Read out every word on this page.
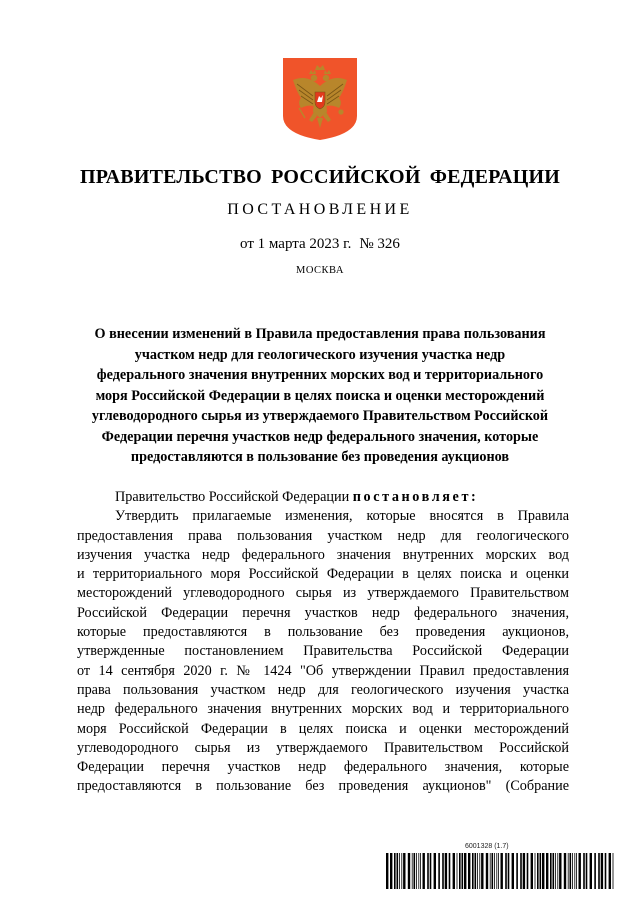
ПРАВИТЕЛЬСТВО РОССИЙСКОЙ ФЕДЕРАЦИИ
ПОСТАНОВЛЕНИЕ
от 1 марта 2023 г. № 326
МОСКВА
О внесении изменений в Правила предоставления права пользования
участком недр для геологического изучения участка недр
федерального значения внутренних морских вод и территориального
моря Российской Федерации в целях поиска и оценки месторождений
углеводородного сырья из утверждаемого Правительством Российской
Федерации перечня участков недр федерального значения, которые
предоставляются в пользование без проведения аукционов
Правительство Российской Федерации постановляет:
Утвердить прилагаемые изменения, которые вносятся в Правила
предоставления права пользования участком недр для геологического
изучения участка недр федерального значения внутренних морских вод
и территориального моря Российской Федерации в целях поиска и оценки
месторождений углеводородного сырья из утверждаемого Правительством
Российской Федерации перечня участков недр федерального значения,
которые предоставляются в пользование без проведения аукционов,
утвержденные постановлением Правительства Российской Федерации
от 14 сентября 2020 г. № 1424 "Об утверждении Правил предоставления
права пользования участком недр для геологического изучения участка
недр федерального значения внутренних морских вод и территориального
моря Российской Федерации в целях поиска и оценки месторождений
углеводородного сырья из утверждаемого Правительством Российской
Федерации перечня участков недр федерального значения, которые
предоставляются в пользование без проведения аукционов" (Собрание
6001328 (1.7)
